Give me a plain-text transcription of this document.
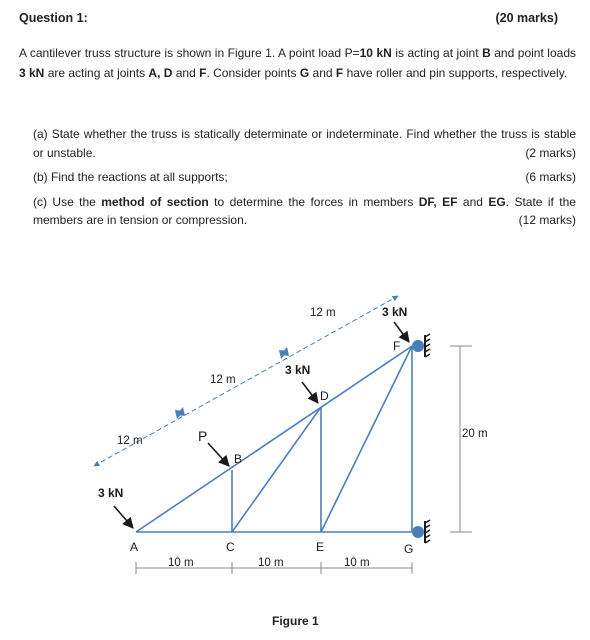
Question 1:	(20 marks)
A cantilever truss structure is shown in Figure 1. A point load P=10 kN is acting at joint B and point loads 3 kN are acting at joints A, D and F. Consider points G and F have roller and pin supports, respectively.
(a) State whether the truss is statically determinate or indeterminate. Find whether the truss is stable
or unstable.	(2 marks)
(b) Find the reactions at all supports;	(6 marks)
(c) Use the method of section to determine the forces in members DF, EF and EG. State if the
members are in tension or compression.	(12 marks)
A
B
C
D
E
F
G
P
3 kN
3 kN
3 kN
12 m
12 m
12 m
10 m	10 m	10 m
20 m
Figure 1
